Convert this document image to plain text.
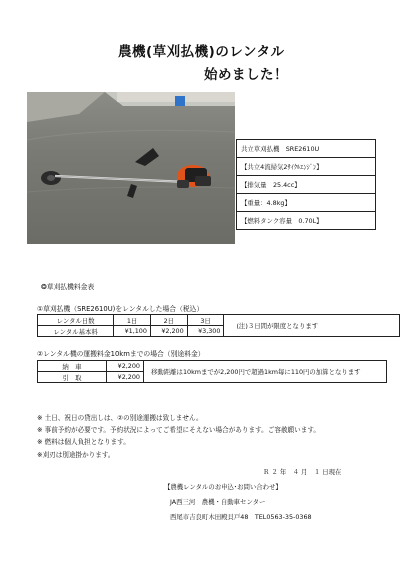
農機(草刈払機)のレンタル
始めました！
共立草刈払機　SRE2610U
【共立4流掃気2ｻｲｸﾙｴﾝｼﾞﾝ】
【排気量　25.4cc】
【重量：4.8kg】
【燃料タンク容量　0.70L】
❂草刈払機料金表
①草刈払機（SRE2610U)をレンタルした場合（税込）
レンタル日数	1日	2日	3日	(注)３日間が限度となります
レンタル基本料	¥1,100	¥2,200	¥3,300	
②レンタル機の運搬料金10kmまでの場合（別途料金）
納　車	¥2,200	移動距離は10kmまでが2,200円で超過1km毎に110円の加算となります
引　取	¥2,200	
※ 土日、祝日の貸出しは、②の別途運搬は致しません。
※ 事前予約が必要です。予約状況によってご希望にそえない場合があります。ご容赦願います。
※ 燃料は個人負担となります。
※刈刃は別途掛かります。
Ｒ ２ 年　４ 月　１ 日現在
【農機レンタルのお申込･お問い合わせ】
JA西三河　農機・自動車センター
西尾市吉良町木田殿貝戸48　TEL0563-35-0368
